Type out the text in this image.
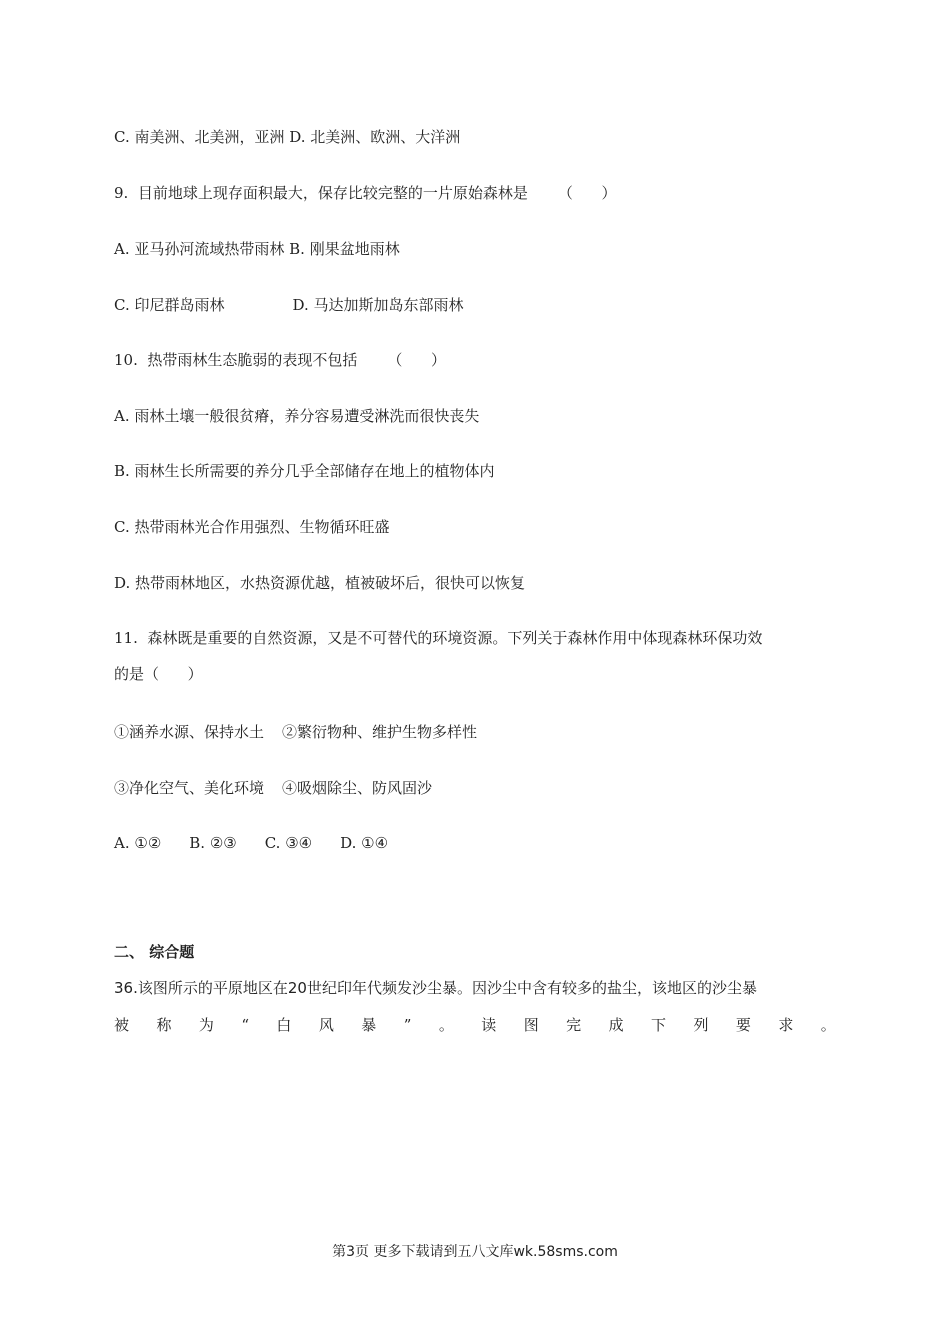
C. 南美洲、北美洲，亚洲 D. 北美洲、欧洲、大洋洲
9.  目前地球上现存面积最大，保存比较完整的一片原始森林是 （      ）
A. 亚马孙河流域热带雨林 B. 刚果盆地雨林
C. 印尼群岛雨林	D. 马达加斯加岛东部雨林
10.  热带雨林生态脆弱的表现不包括 （      ）
A. 雨林土壤一般很贫瘠，养分容易遭受淋洗而很快丧失
B. 雨林生长所需要的养分几乎全部储存在地上的植物体内
C. 热带雨林光合作用强烈、生物循环旺盛
D. 热带雨林地区，水热资源优越，植被破坏后，很快可以恢复
11.  森林既是重要的自然资源，又是不可替代的环境资源。下列关于森林作用中体现森林环保功效
的是（      ）
①涵养水源、保持水土 ②繁衍物种、维护生物多样性
③净化空气、美化环境 ④吸烟除尘、防风固沙
A. ①② B. ②③ C. ③④ D. ①④
二、 综合题
36.该图所示的平原地区在20世纪印年代频发沙尘暴。因沙尘中含有较多的盐尘，该地区的沙尘暴
被 称 为 “ 白 风 暴 ” 。 读 图 完 成 下 列 要 求 。
第3页 更多下载请到五八文库wk.58sms.com
